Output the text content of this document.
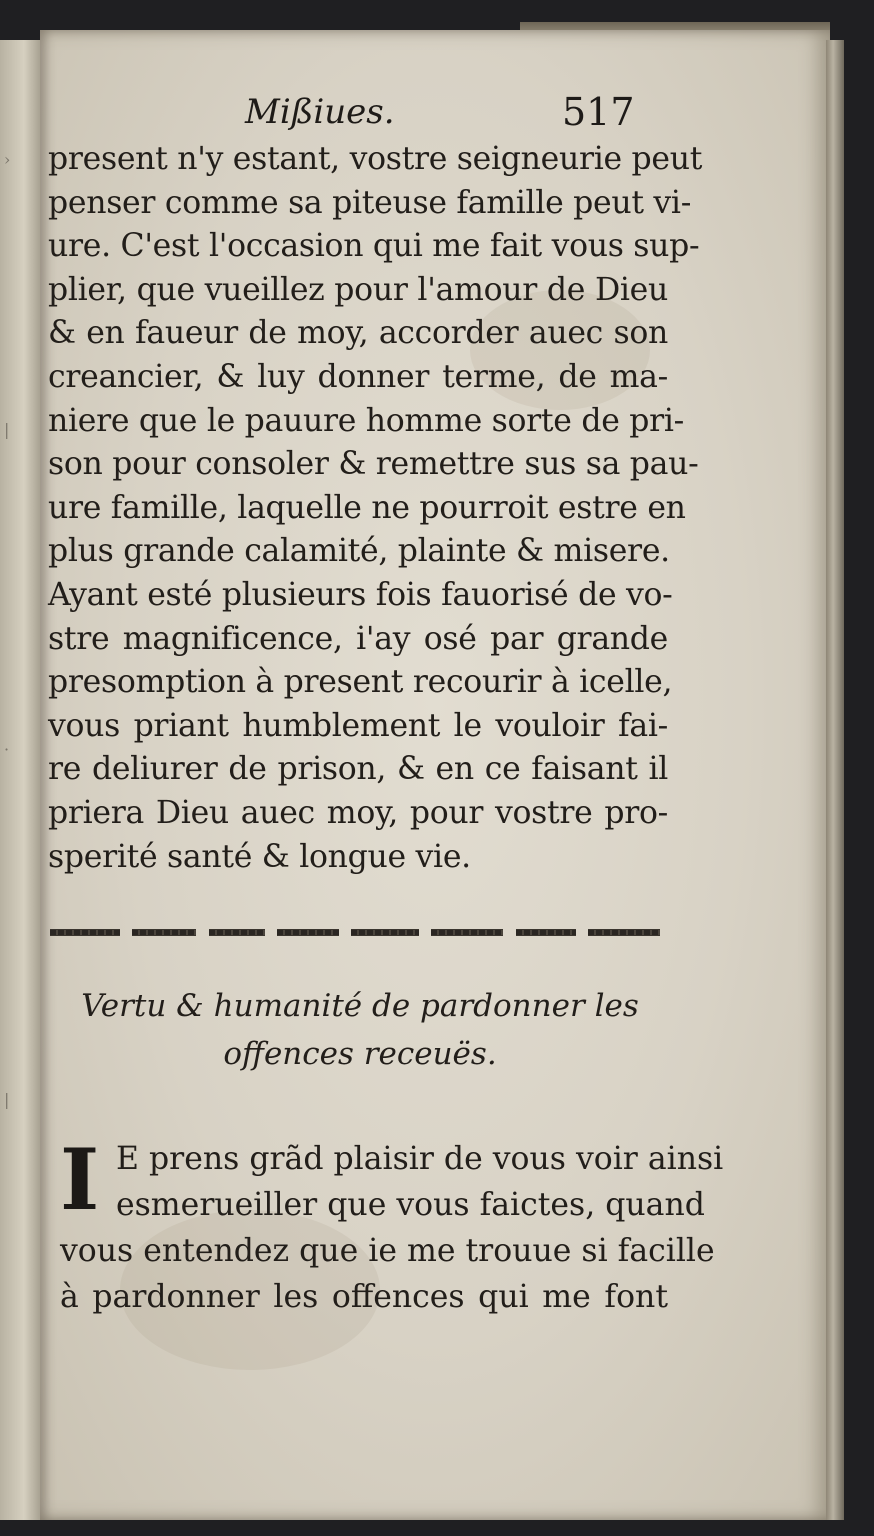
›
|
·
|
Mißiues.	517
present n'y estant, vostre seigneurie peut
penser comme sa piteuse famille peut vi-
ure. C'est l'occasion qui me fait vous sup-
plier, que vueillez pour l'amour de Dieu
& en faueur de moy, accorder auec son
creancier, & luy donner terme, de ma-
niere que le pauure homme sorte de pri-
son pour consoler & remettre sus sa pau-
ure famille, laquelle ne pourroit estre en
plus grande calamité, plainte & misere.
Ayant esté plusieurs fois fauorisé de vo-
stre magnificence, i'ay osé par grande
presomption à present recourir à icelle,
vous priant humblement le vouloir fai-
re deliurer de prison, & en ce faisant il
priera Dieu auec moy, pour vostre pro-
sperité santé & longue vie.
Vertu & humanité de pardonner les
offences receuës.
I E prens grãd plaisir de vous voir ainsi
esmerueiller que vous faictes, quand
vous entendez que ie me trouue si facille
à pardonner les offences qui me font
